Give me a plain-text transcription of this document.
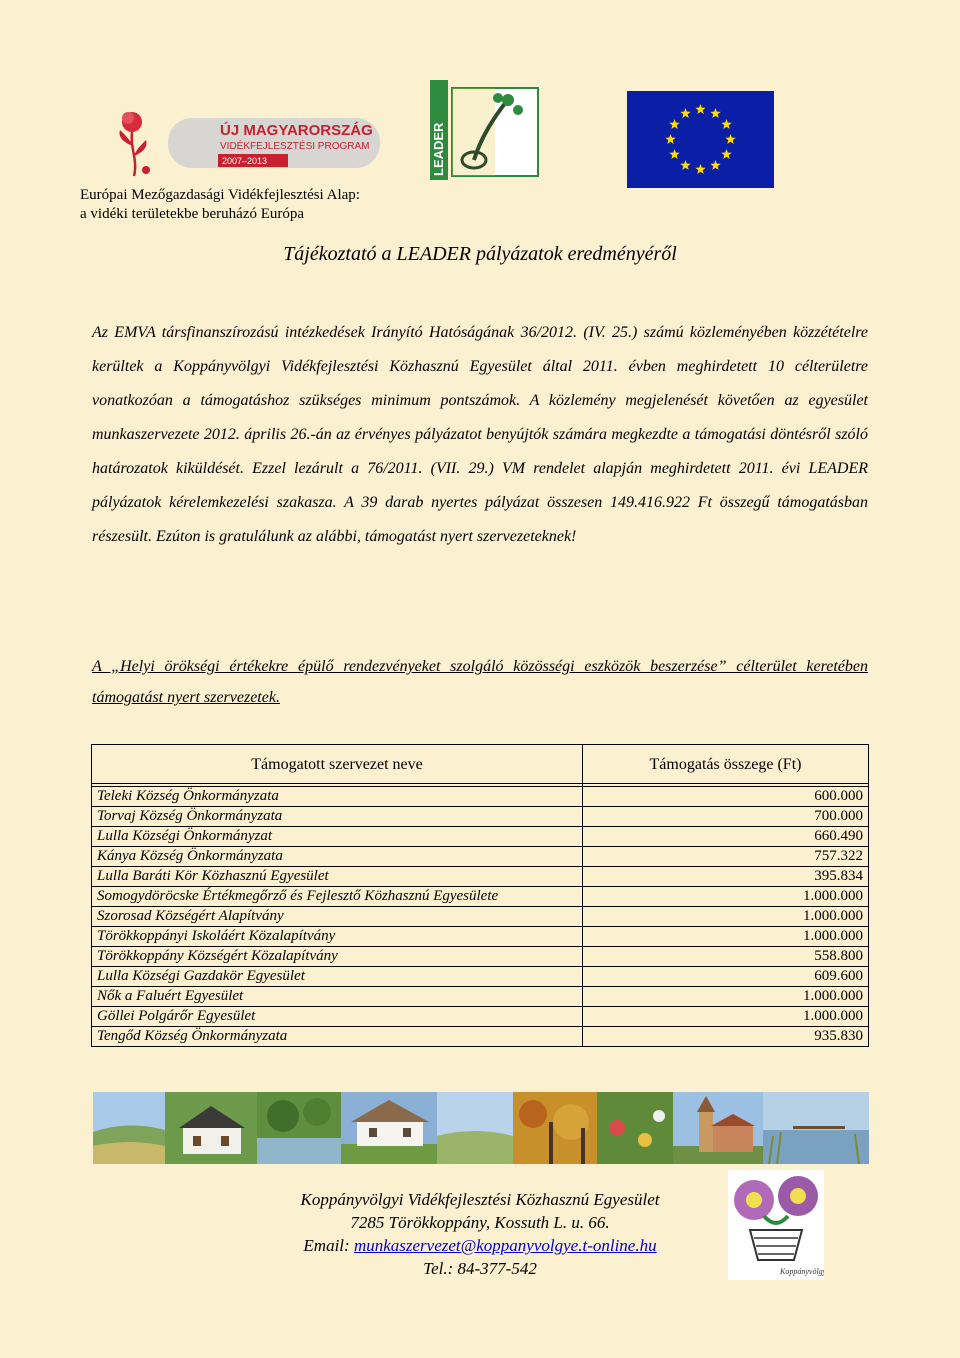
ÚJ MAGYARORSZÁG
VIDÉKFEJLESZTÉSI PROGRAM
2007–2013	LEADER
Európai Mezőgazdasági Vidékfejlesztési Alap:
a vidéki területekbe beruházó Európa
Tájékoztató a LEADER pályázatok eredményéről

Az EMVA társfinanszírozású intézkedések Irányító Hatóságának 36/2012. (IV. 25.) számú közleményében közzétételre kerültek a Koppányvölgyi Vidékfejlesztési Közhasznú Egyesület által 2011. évben meghirdetett 10 célterületre vonatkozóan a támogatáshoz szükséges minimum pontszámok. A közlemény megjelenését követően az egyesület munkaszervezete 2012. április 26.-án az érvényes pályázatot benyújtók számára megkezdte a támogatási döntésről szóló határozatok kiküldését. Ezzel lezárult a 76/2011. (VII. 29.) VM rendelet alapján meghirdetett 2011. évi LEADER pályázatok kérelemkezelési szakasza. A 39 darab nyertes pályázat összesen 149.416.922 Ft összegű támogatásban részesült. Ezúton is gratulálunk az alábbi, támogatást nyert szervezeteknek!

A „Helyi örökségi értékekre épülő rendezvényeket szolgáló közösségi eszközök beszerzése” célterület keretében támogatást nyert szervezetek.
Támogatott szervezet neve	Támogatás összege (Ft)

Teleki Község Önkormányzata	600.000
Torvaj Község Önkormányzata	700.000
Lulla Községi Önkormányzat	660.490
Kánya Község Önkormányzata	757.322
Lulla Baráti Kör Közhasznú Egyesület	395.834
Somogydöröcske Értékmegőrző és Fejlesztő Közhasznú Egyesülete	1.000.000
Szorosad Községért Alapítvány	1.000.000
Törökkoppányi Iskoláért Közalapítvány	1.000.000
Törökkoppány Községért Közalapítvány	558.800
Lulla Községi Gazdakör Egyesület	609.600
Nők a Faluért Egyesület	1.000.000
Göllei Polgárőr Egyesület	1.000.000
Tengőd Község Önkormányzata	935.830
Koppányvölgyi Vidékfejlesztési Közhasznú Egyesület
7285 Törökkoppány, Kossuth L. u. 66.
Email: munkaszervezet@koppanyvolgye.t-online.hu
Tel.: 84-377-542	Koppányvölgy
